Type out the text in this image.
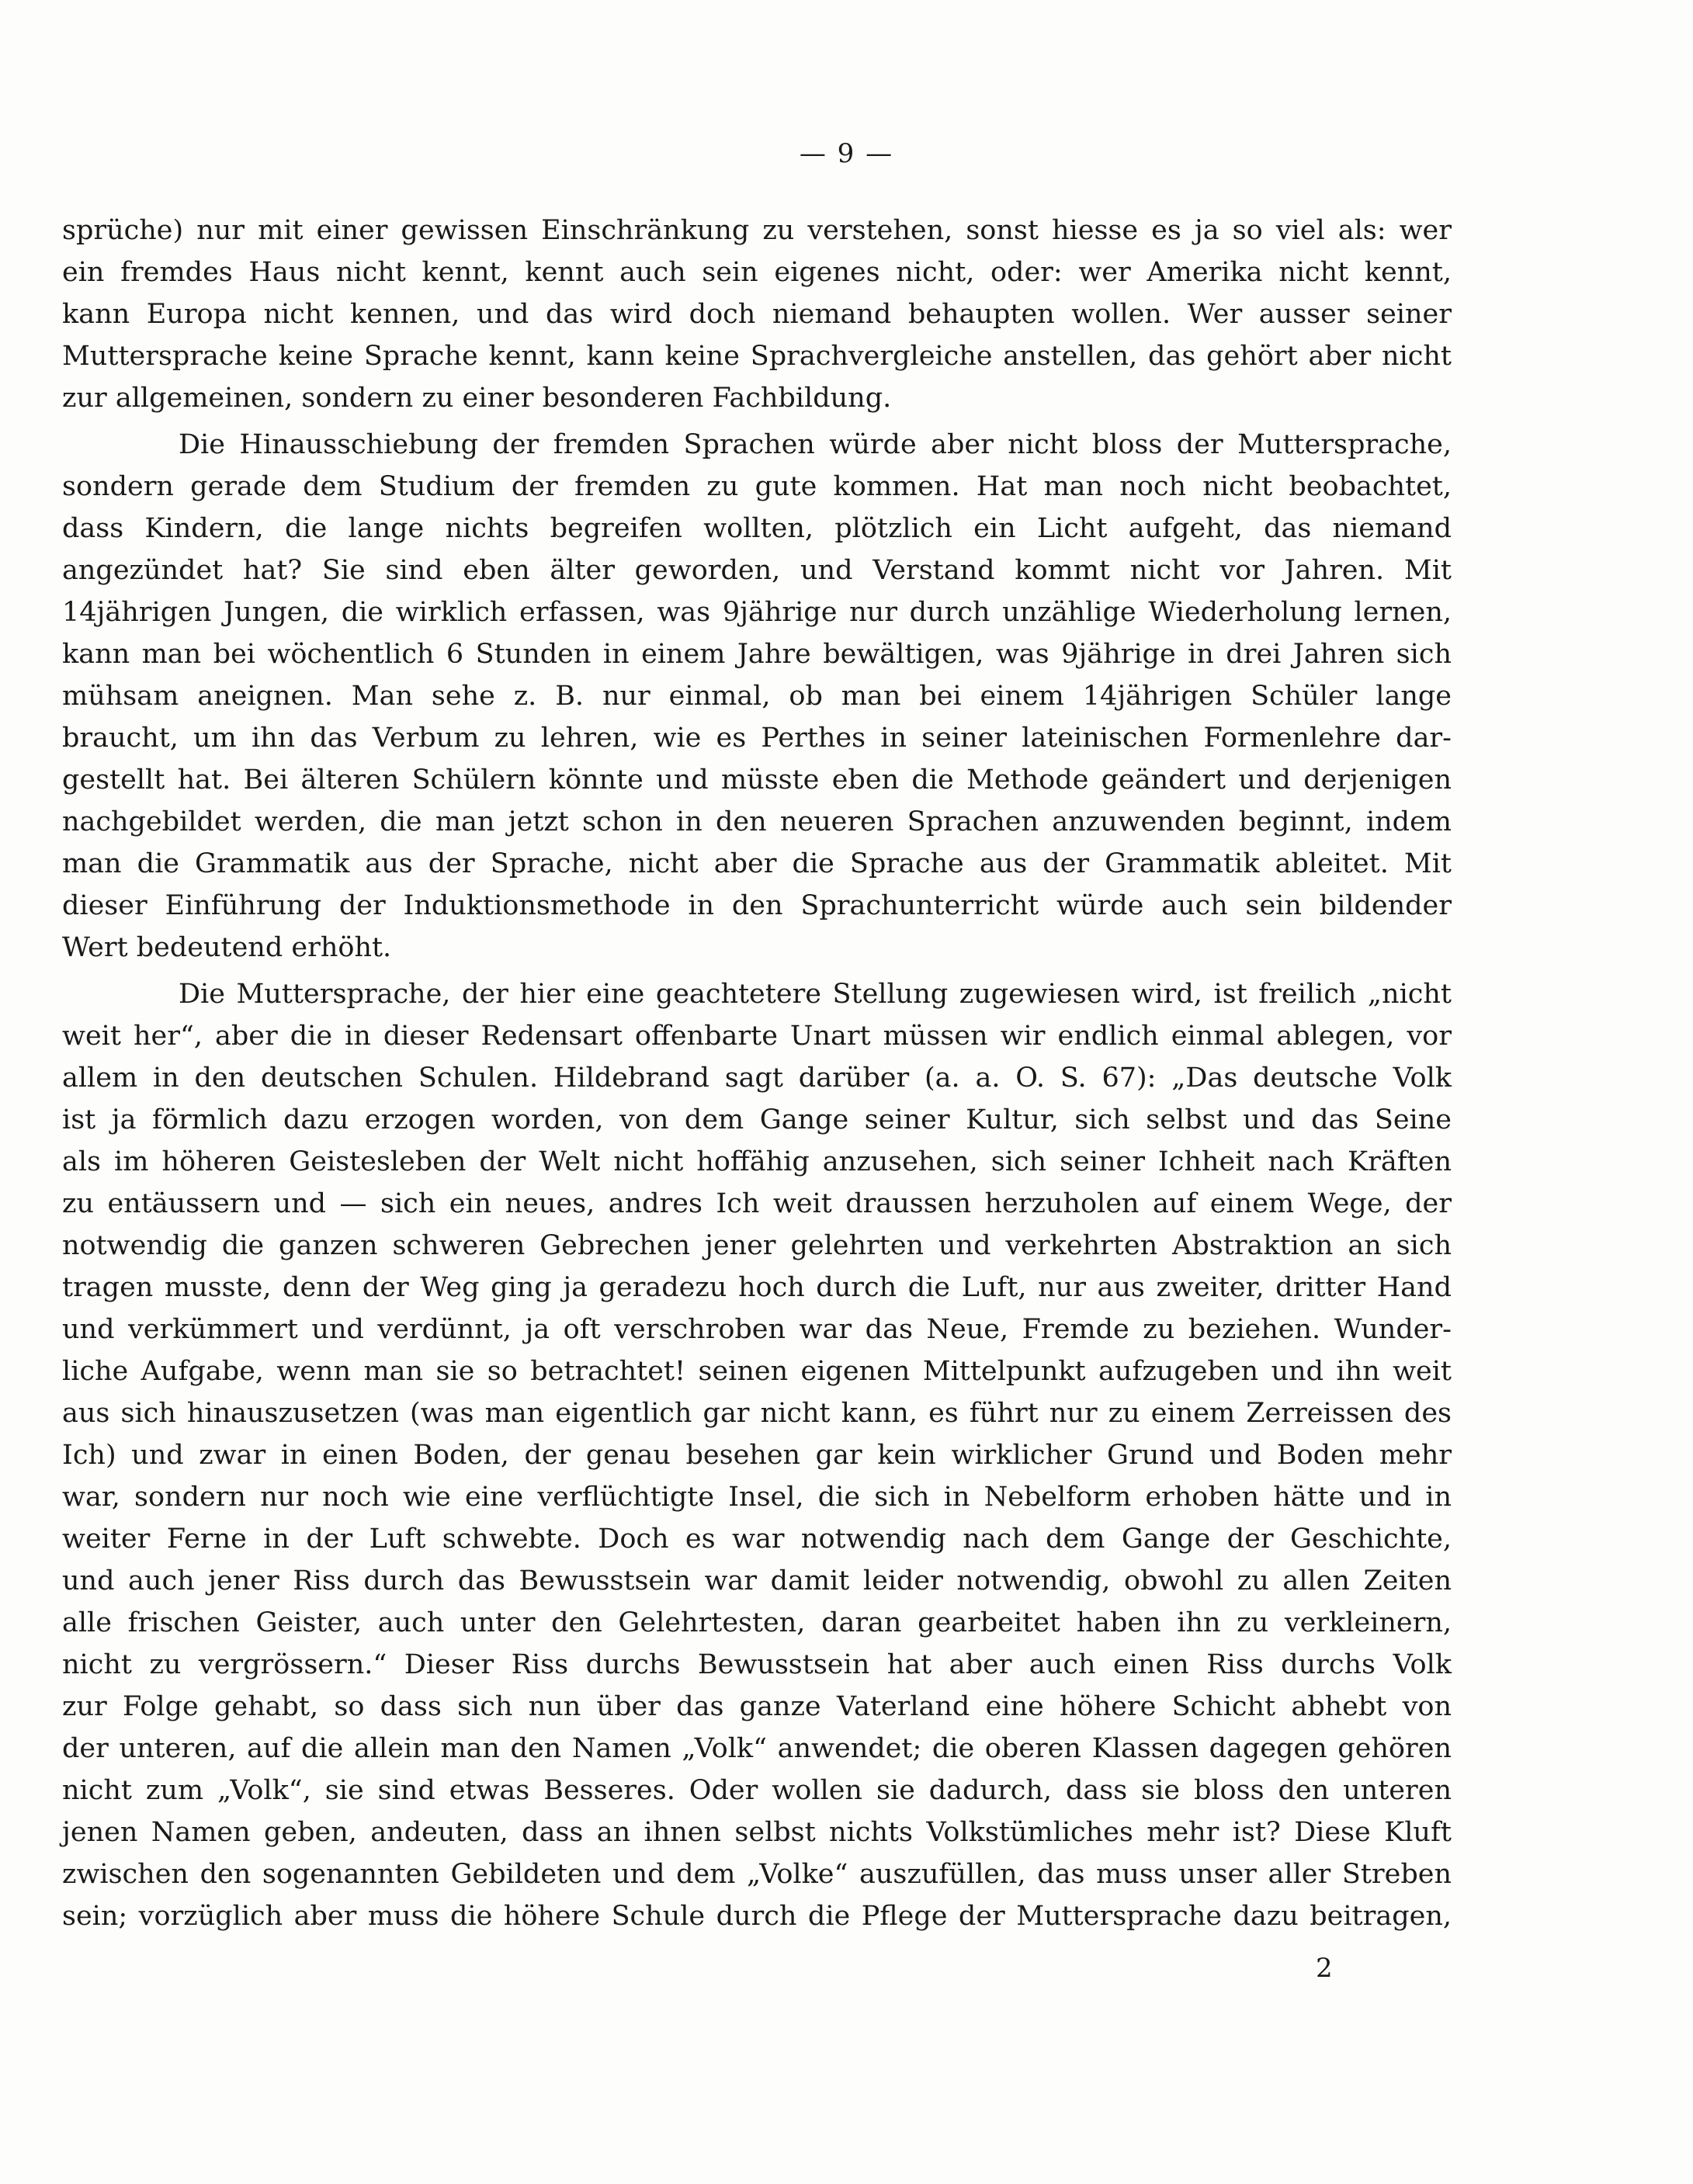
— 9 —
sprüche) nur mit einer gewissen Einschränkung zu verstehen, sonst hiesse es ja so viel als: wer
ein fremdes Haus nicht kennt, kennt auch sein eigenes nicht, oder: wer Amerika nicht kennt,
kann Europa nicht kennen, und das wird doch niemand behaupten wollen. Wer ausser seiner
Muttersprache keine Sprache kennt, kann keine Sprachvergleiche anstellen, das gehört aber nicht
zur allgemeinen, sondern zu einer besonderen Fachbildung.
Die Hinausschiebung der fremden Sprachen würde aber nicht bloss der Muttersprache,
sondern gerade dem Studium der fremden zu gute kommen. Hat man noch nicht beobachtet,
dass Kindern, die lange nichts begreifen wollten, plötzlich ein Licht aufgeht, das niemand
angezündet hat? Sie sind eben älter geworden, und Verstand kommt nicht vor Jahren. Mit
14jährigen Jungen, die wirklich erfassen, was 9jährige nur durch unzählige Wiederholung lernen,
kann man bei wöchentlich 6 Stunden in einem Jahre bewältigen, was 9jährige in drei Jahren sich
mühsam aneignen. Man sehe z. B. nur einmal, ob man bei einem 14jährigen Schüler lange
braucht, um ihn das Verbum zu lehren, wie es Perthes in seiner lateinischen Formenlehre dar-
gestellt hat. Bei älteren Schülern könnte und müsste eben die Methode geändert und derjenigen
nachgebildet werden, die man jetzt schon in den neueren Sprachen anzuwenden beginnt, indem
man die Grammatik aus der Sprache, nicht aber die Sprache aus der Grammatik ableitet. Mit
dieser Einführung der Induktionsmethode in den Sprachunterricht würde auch sein bildender
Wert bedeutend erhöht.
Die Muttersprache, der hier eine geachtetere Stellung zugewiesen wird, ist freilich „nicht
weit her“, aber die in dieser Redensart offenbarte Unart müssen wir endlich einmal ablegen, vor
allem in den deutschen Schulen. Hildebrand sagt darüber (a. a. O. S. 67): „Das deutsche Volk
ist ja förmlich dazu erzogen worden, von dem Gange seiner Kultur, sich selbst und das Seine
als im höheren Geistesleben der Welt nicht hoffähig anzusehen, sich seiner Ichheit nach Kräften
zu entäussern und — sich ein neues, andres Ich weit draussen herzuholen auf einem Wege, der
notwendig die ganzen schweren Gebrechen jener gelehrten und verkehrten Abstraktion an sich
tragen musste, denn der Weg ging ja geradezu hoch durch die Luft, nur aus zweiter, dritter Hand
und verkümmert und verdünnt, ja oft verschroben war das Neue, Fremde zu beziehen. Wunder-
liche Aufgabe, wenn man sie so betrachtet! seinen eigenen Mittelpunkt aufzugeben und ihn weit
aus sich hinauszusetzen (was man eigentlich gar nicht kann, es führt nur zu einem Zerreissen des
Ich) und zwar in einen Boden, der genau besehen gar kein wirklicher Grund und Boden mehr
war, sondern nur noch wie eine verflüchtigte Insel, die sich in Nebelform erhoben hätte und in
weiter Ferne in der Luft schwebte. Doch es war notwendig nach dem Gange der Geschichte,
und auch jener Riss durch das Bewusstsein war damit leider notwendig, obwohl zu allen Zeiten
alle frischen Geister, auch unter den Gelehrtesten, daran gearbeitet haben ihn zu verkleinern,
nicht zu vergrössern.“ Dieser Riss durchs Bewusstsein hat aber auch einen Riss durchs Volk
zur Folge gehabt, so dass sich nun über das ganze Vaterland eine höhere Schicht abhebt von
der unteren, auf die allein man den Namen „Volk“ anwendet; die oberen Klassen dagegen gehören
nicht zum „Volk“, sie sind etwas Besseres. Oder wollen sie dadurch, dass sie bloss den unteren
jenen Namen geben, andeuten, dass an ihnen selbst nichts Volkstümliches mehr ist? Diese Kluft
zwischen den sogenannten Gebildeten und dem „Volke“ auszufüllen, das muss unser aller Streben
sein; vorzüglich aber muss die höhere Schule durch die Pflege der Muttersprache dazu beitragen,
2
